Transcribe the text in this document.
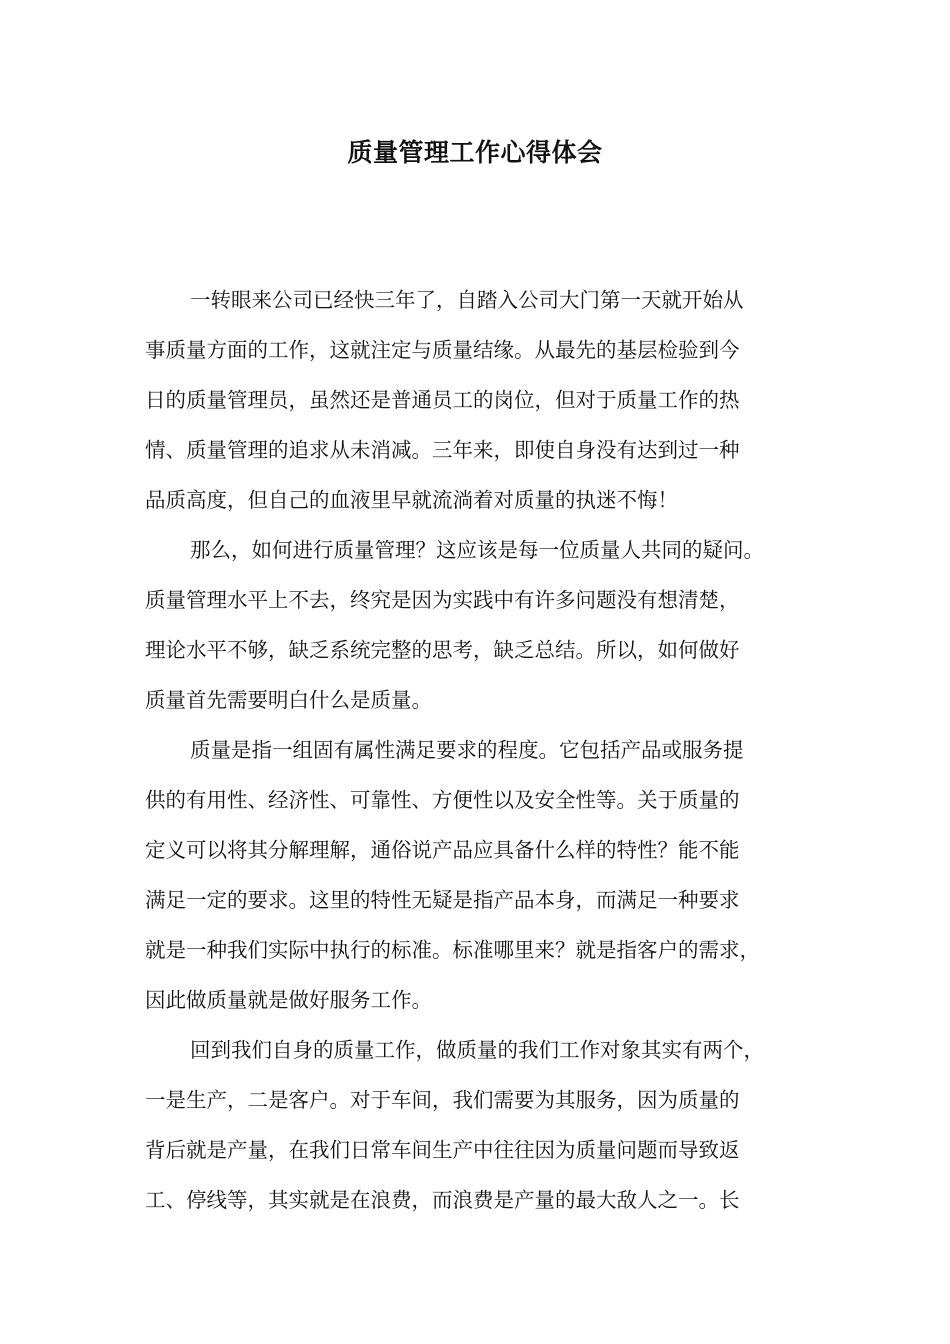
质量管理工作心得体会
一转眼来公司已经快三年了，自踏入公司大门第一天就开始从
事质量方面的工作，这就注定与质量结缘。从最先的基层检验到今
日的质量管理员，虽然还是普通员工的岗位，但对于质量工作的热
情、质量管理的追求从未消减。三年来，即使自身没有达到过一种
品质高度，但自己的血液里早就流淌着对质量的执迷不悔！
那么，如何进行质量管理？这应该是每一位质量人共同的疑问。
质量管理水平上不去，终究是因为实践中有许多问题没有想清楚，
理论水平不够，缺乏系统完整的思考，缺乏总结。所以，如何做好
质量首先需要明白什么是质量。
质量是指一组固有属性满足要求的程度。它包括产品或服务提
供的有用性、经济性、可靠性、方便性以及安全性等。关于质量的
定义可以将其分解理解，通俗说产品应具备什么样的特性？能不能
满足一定的要求。这里的特性无疑是指产品本身，而满足一种要求
就是一种我们实际中执行的标准。标准哪里来？就是指客户的需求，
因此做质量就是做好服务工作。
回到我们自身的质量工作，做质量的我们工作对象其实有两个，
一是生产，二是客户。对于车间，我们需要为其服务，因为质量的
背后就是产量，在我们日常车间生产中往往因为质量问题而导致返
工、停线等，其实就是在浪费，而浪费是产量的最大敌人之一。长
